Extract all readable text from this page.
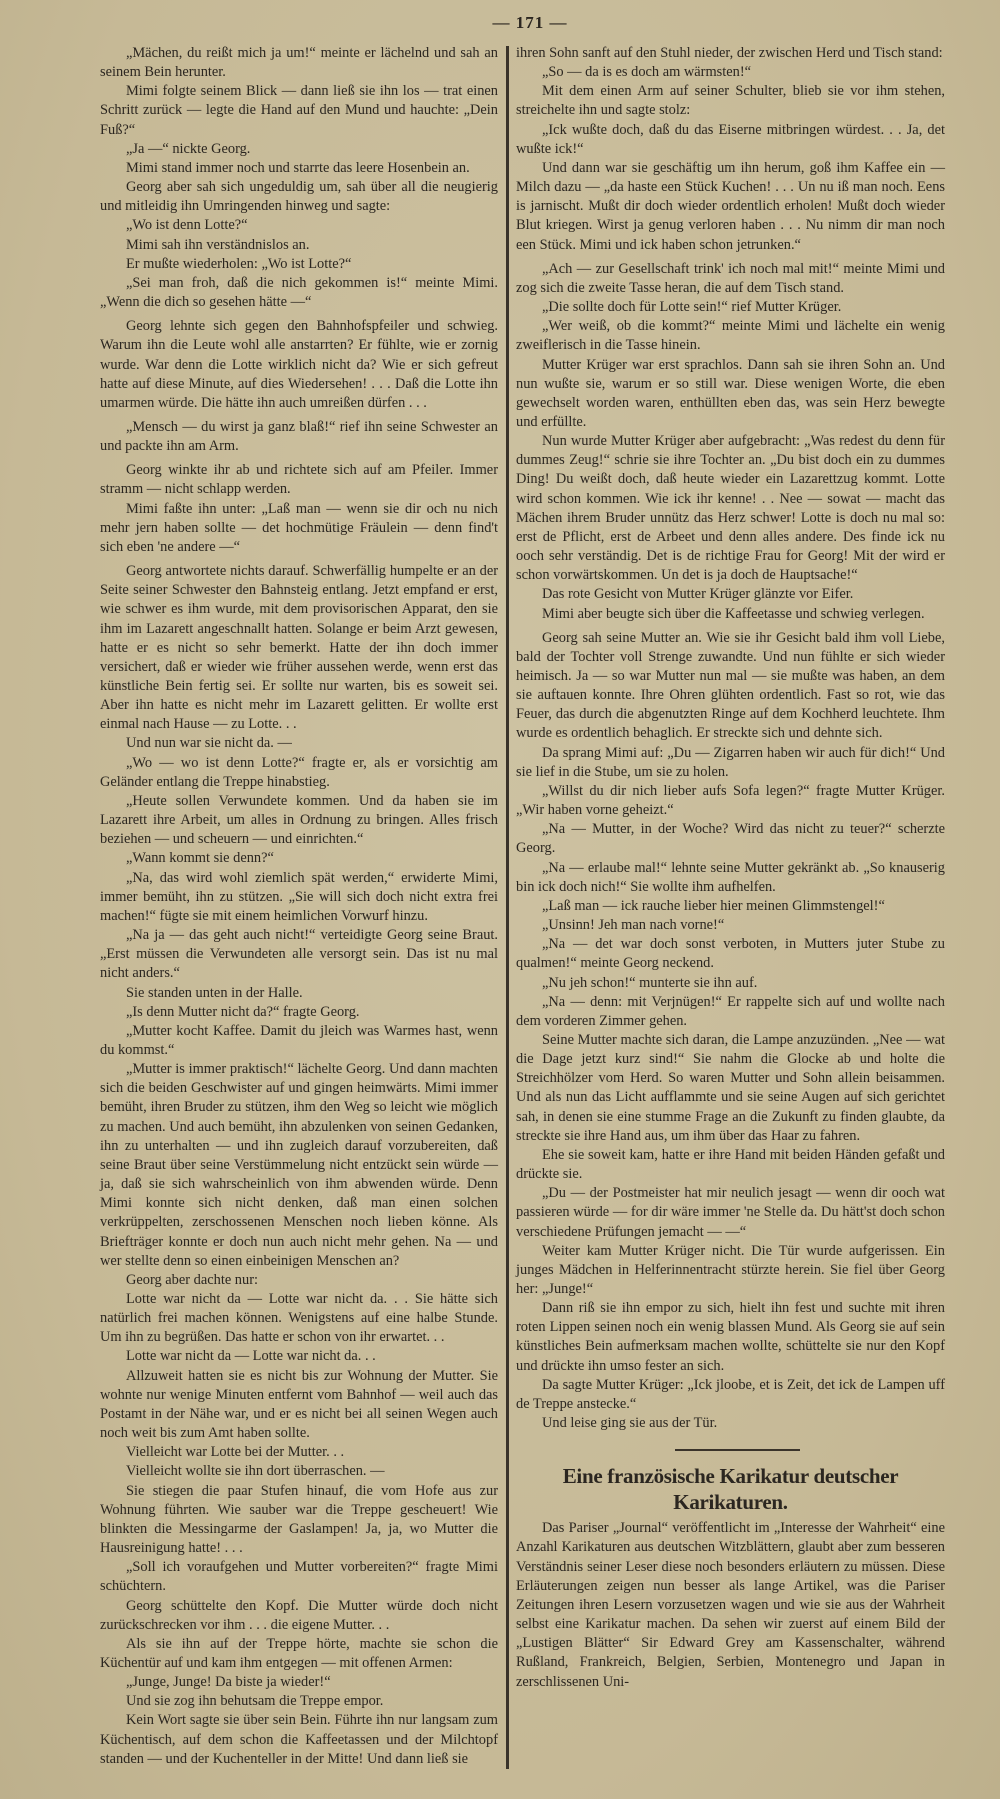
— 171 —

„Mächen, du reißt mich ja um!“ meinte er lächelnd und sah an seinem Bein herunter.

Mimi folgte seinem Blick — dann ließ sie ihn los — trat einen Schritt zurück — legte die Hand auf den Mund und hauchte: „Dein Fuß?“

„Ja —“ nickte Georg.

Mimi stand immer noch und starrte das leere Hosenbein an.

Georg aber sah sich ungeduldig um, sah über all die neugierig und mitleidig ihn Umringenden hinweg und sagte:

„Wo ist denn Lotte?“

Mimi sah ihn verständnislos an.

Er mußte wiederholen: „Wo ist Lotte?“

„Sei man froh, daß die nich gekommen is!“ meinte Mimi. „Wenn die dich so gesehen hätte —“

Georg lehnte sich gegen den Bahnhofspfeiler und schwieg. Warum ihn die Leute wohl alle anstarrten? Er fühlte, wie er zornig wurde. War denn die Lotte wirklich nicht da? Wie er sich gefreut hatte auf diese Minute, auf dies Wiedersehen! . . . Daß die Lotte ihn umarmen würde. Die hätte ihn auch umreißen dürfen . . .

„Mensch — du wirst ja ganz blaß!“ rief ihn seine Schwester an und packte ihn am Arm.

Georg winkte ihr ab und richtete sich auf am Pfeiler. Immer stramm — nicht schlapp werden.

Mimi faßte ihn unter: „Laß man — wenn sie dir och nu nich mehr jern haben sollte — det hochmütige Fräulein — denn find't sich eben 'ne andere —“

Georg antwortete nichts darauf. Schwerfällig humpelte er an der Seite seiner Schwester den Bahnsteig entlang. Jetzt empfand er erst, wie schwer es ihm wurde, mit dem provisorischen Apparat, den sie ihm im Lazarett angeschnallt hatten. Solange er beim Arzt gewesen, hatte er es nicht so sehr bemerkt. Hatte der ihn doch immer versichert, daß er wieder wie früher aussehen werde, wenn erst das künstliche Bein fertig sei. Er sollte nur warten, bis es soweit sei. Aber ihn hatte es nicht mehr im Lazarett gelitten. Er wollte erst einmal nach Hause — zu Lotte. . .

Und nun war sie nicht da. —

„Wo — wo ist denn Lotte?“ fragte er, als er vorsichtig am Geländer entlang die Treppe hinabstieg.

„Heute sollen Verwundete kommen. Und da haben sie im Lazarett ihre Arbeit, um alles in Ordnung zu bringen. Alles frisch beziehen — und scheuern — und einrichten.“

„Wann kommt sie denn?“

„Na, das wird wohl ziemlich spät werden,“ erwiderte Mimi, immer bemüht, ihn zu stützen. „Sie will sich doch nicht extra frei machen!“ fügte sie mit einem heimlichen Vorwurf hinzu.

„Na ja — das geht auch nicht!“ verteidigte Georg seine Braut. „Erst müssen die Verwundeten alle versorgt sein. Das ist nu mal nicht anders.“

Sie standen unten in der Halle.

„Is denn Mutter nicht da?“ fragte Georg.

„Mutter kocht Kaffee. Damit du jleich was Warmes hast, wenn du kommst.“

„Mutter is immer praktisch!“ lächelte Georg. Und dann machten sich die beiden Geschwister auf und gingen heimwärts. Mimi immer bemüht, ihren Bruder zu stützen, ihm den Weg so leicht wie möglich zu machen. Und auch bemüht, ihn abzulenken von seinen Gedanken, ihn zu unterhalten — und ihn zugleich darauf vorzubereiten, daß seine Braut über seine Verstümmelung nicht entzückt sein würde — ja, daß sie sich wahrscheinlich von ihm abwenden würde. Denn Mimi konnte sich nicht denken, daß man einen solchen verkrüppelten, zerschossenen Menschen noch lieben könne. Als Briefträger konnte er doch nun auch nicht mehr gehen. Na — und wer stellte denn so einen einbeinigen Menschen an?

Georg aber dachte nur:

Lotte war nicht da — Lotte war nicht da. . . Sie hätte sich natürlich frei machen können. Wenigstens auf eine halbe Stunde. Um ihn zu begrüßen. Das hatte er schon von ihr erwartet. . .

Lotte war nicht da — Lotte war nicht da. . .

Allzuweit hatten sie es nicht bis zur Wohnung der Mutter. Sie wohnte nur wenige Minuten entfernt vom Bahnhof — weil auch das Postamt in der Nähe war, und er es nicht bei all seinen Wegen auch noch weit bis zum Amt haben sollte.

Vielleicht war Lotte bei der Mutter. . .

Vielleicht wollte sie ihn dort überraschen. —

Sie stiegen die paar Stufen hinauf, die vom Hofe aus zur Wohnung führten. Wie sauber war die Treppe gescheuert! Wie blinkten die Messingarme der Gaslampen! Ja, ja, wo Mutter die Hausreinigung hatte! . . .

„Soll ich voraufgehen und Mutter vorbereiten?“ fragte Mimi schüchtern.

Georg schüttelte den Kopf. Die Mutter würde doch nicht zurückschrecken vor ihm . . . die eigene Mutter. . .

Als sie ihn auf der Treppe hörte, machte sie schon die Küchentür auf und kam ihm entgegen — mit offenen Armen:

„Junge, Junge! Da biste ja wieder!“

Und sie zog ihn behutsam die Treppe empor.

Kein Wort sagte sie über sein Bein. Führte ihn nur langsam zum Küchentisch, auf dem schon die Kaffeetassen und der Milchtopf standen — und der Kuchenteller in der Mitte! Und dann ließ sie

ihren Sohn sanft auf den Stuhl nieder, der zwischen Herd und Tisch stand:

„So — da is es doch am wärmsten!“

Mit dem einen Arm auf seiner Schulter, blieb sie vor ihm stehen, streichelte ihn und sagte stolz:

„Ick wußte doch, daß du das Eiserne mitbringen würdest. . . Ja, det wußte ick!“

Und dann war sie geschäftig um ihn herum, goß ihm Kaffee ein — Milch dazu — „da haste een Stück Kuchen! . . . Un nu iß man noch. Eens is jarnischt. Mußt dir doch wieder ordentlich erholen! Mußt doch wieder Blut kriegen. Wirst ja genug verloren haben . . . Nu nimm dir man noch een Stück. Mimi und ick haben schon jetrunken.“

„Ach — zur Gesellschaft trink' ich noch mal mit!“ meinte Mimi und zog sich die zweite Tasse heran, die auf dem Tisch stand.

„Die sollte doch für Lotte sein!“ rief Mutter Krüger.

„Wer weiß, ob die kommt?“ meinte Mimi und lächelte ein wenig zweiflerisch in die Tasse hinein.

Mutter Krüger war erst sprachlos. Dann sah sie ihren Sohn an. Und nun wußte sie, warum er so still war. Diese wenigen Worte, die eben gewechselt worden waren, enthüllten eben das, was sein Herz bewegte und erfüllte.

Nun wurde Mutter Krüger aber aufgebracht: „Was redest du denn für dummes Zeug!“ schrie sie ihre Tochter an. „Du bist doch ein zu dummes Ding! Du weißt doch, daß heute wieder ein Lazarettzug kommt. Lotte wird schon kommen. Wie ick ihr kenne! . . Nee — sowat — macht das Mächen ihrem Bruder unnütz das Herz schwer! Lotte is doch nu mal so: erst de Pflicht, erst de Arbeet und denn alles andere. Des finde ick nu ooch sehr verständig. Det is de richtige Frau for Georg! Mit der wird er schon vorwärtskommen. Un det is ja doch de Hauptsache!“

Das rote Gesicht von Mutter Krüger glänzte vor Eifer.

Mimi aber beugte sich über die Kaffeetasse und schwieg verlegen.

Georg sah seine Mutter an. Wie sie ihr Gesicht bald ihm voll Liebe, bald der Tochter voll Strenge zuwandte. Und nun fühlte er sich wieder heimisch. Ja — so war Mutter nun mal — sie mußte was haben, an dem sie auftauen konnte. Ihre Ohren glühten ordentlich. Fast so rot, wie das Feuer, das durch die abgenutzten Ringe auf dem Kochherd leuchtete. Ihm wurde es ordentlich behaglich. Er streckte sich und dehnte sich.

Da sprang Mimi auf: „Du — Zigarren haben wir auch für dich!“ Und sie lief in die Stube, um sie zu holen.

„Willst du dir nich lieber aufs Sofa legen?“ fragte Mutter Krüger. „Wir haben vorne geheizt.“

„Na — Mutter, in der Woche? Wird das nicht zu teuer?“ scherzte Georg.

„Na — erlaube mal!“ lehnte seine Mutter gekränkt ab. „So knauserig bin ick doch nich!“ Sie wollte ihm aufhelfen.

„Laß man — ick rauche lieber hier meinen Glimmstengel!“

„Unsinn! Jeh man nach vorne!“

„Na — det war doch sonst verboten, in Mutters juter Stube zu qualmen!“ meinte Georg neckend.

„Nu jeh schon!“ munterte sie ihn auf.

„Na — denn: mit Verjnügen!“ Er rappelte sich auf und wollte nach dem vorderen Zimmer gehen.

Seine Mutter machte sich daran, die Lampe anzuzünden. „Nee — wat die Dage jetzt kurz sind!“ Sie nahm die Glocke ab und holte die Streichhölzer vom Herd. So waren Mutter und Sohn allein beisammen. Und als nun das Licht aufflammte und sie seine Augen auf sich gerichtet sah, in denen sie eine stumme Frage an die Zukunft zu finden glaubte, da streckte sie ihre Hand aus, um ihm über das Haar zu fahren.

Ehe sie soweit kam, hatte er ihre Hand mit beiden Händen gefaßt und drückte sie.

„Du — der Postmeister hat mir neulich jesagt — wenn dir ooch wat passieren würde — for dir wäre immer 'ne Stelle da. Du hätt'st doch schon verschiedene Prüfungen jemacht — —“

Weiter kam Mutter Krüger nicht. Die Tür wurde aufgerissen. Ein junges Mädchen in Helferinnentracht stürzte herein. Sie fiel über Georg her: „Junge!“

Dann riß sie ihn empor zu sich, hielt ihn fest und suchte mit ihren roten Lippen seinen noch ein wenig blassen Mund. Als Georg sie auf sein künstliches Bein aufmerksam machen wollte, schüttelte sie nur den Kopf und drückte ihn umso fester an sich.

Da sagte Mutter Krüger: „Ick jloobe, et is Zeit, det ick de Lampen uff de Treppe anstecke.“

Und leise ging sie aus der Tür.

Eine französische Karikatur deutscher Karikaturen.

Das Pariser „Journal“ veröffentlicht im „Interesse der Wahrheit“ eine Anzahl Karikaturen aus deutschen Witzblättern, glaubt aber zum besseren Verständnis seiner Leser diese noch besonders erläutern zu müssen. Diese Erläuterungen zeigen nun besser als lange Artikel, was die Pariser Zeitungen ihren Lesern vorzusetzen wagen und wie sie aus der Wahrheit selbst eine Karikatur machen. Da sehen wir zuerst auf einem Bild der „Lustigen Blätter“ Sir Edward Grey am Kassenschalter, während Rußland, Frankreich, Belgien, Serbien, Montenegro und Japan in zerschlissenen Uni-
